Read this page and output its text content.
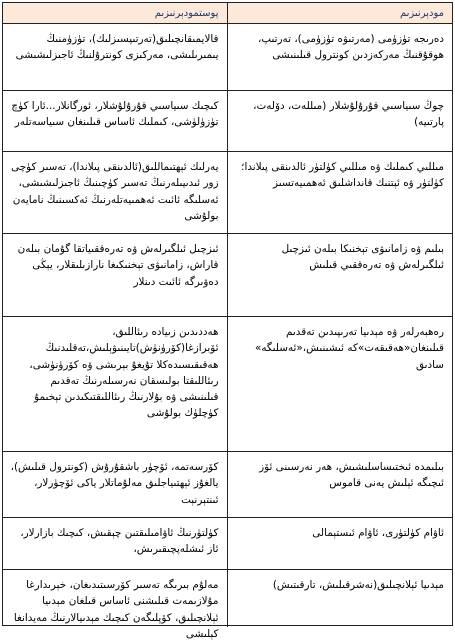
پوستمودېرنىزىم	مودېرنىزىم
قالايمىقانچىلىق(تەرتىپسىزلىك)، تۈزۈمنىڭ يىمىرىلىشى، مەركىزى كونترۇلنىڭ ئاجىزلىشىشى
دەرىجە تۈزۈمى (مەرتىۋە تۈزۈمى)، تەرتىپ، ھوقۇقنىڭ مەركەزدىن كونترول قىلىنىشى
كىچىك سىياسىي قۇرۇلۇشلار، ئورگانلار...ئارا كۈچ تۈزۈلۈشى، كىملىك ئاساس قىلىنغان سىياسەتلەر
چوڭ سىياسىي قۇرۇلۇشلار (مىللەت، دۆلەت، پارتىيە)
يەرلىك ئېھتىماللىق(ئالدىنقى پىلاندا)، تەسىر كۈچى زور ئىدىيىلەرنىڭ تەسىر كۈچىنىڭ ئاجىزلىشىشى، ئەسلىگە ئائىت ئەھمىيەتلەرنىڭ ئەكسىنىڭ نامايەن بولۇشى
مىللىي كىملىك ۋە مىللىي كۈلتۈر ئالدىنقى پىلاندا؛ كۈلتۈر ۋە ئېتنىك قانداشلىق ئەھمىيەتسىز
ئىزچىل ئىلگىرلەش ۋە تەرەققىياتقا گۇمان بىلەن قاراش، زامانىۋى تېخنىكىغا نارازىلىقلار، يېڭى دەۋىرگە ئائىت دىنلار
بىلىم ۋە زامانىۋى تېخنىكا بىلەن ئىزچىل ئىلگىرلەش ۋە تەرەققىي قىلىش
ھەددىدىن زىيادە رىئاللىق، ئۆبرازغا(كۆرۈنۈش)تايىنىۋېلىش،تەقلىدنىڭ ھەقىقىسىدەكلا تۇيغۇ بېرىشى ۋە كۆرۈنۈشى، رىئاللىقتا بولىسقان نەرسىلەرنىڭ تەقدىم قىلىنىشى ۋە بۇلارنىڭ رىئاللىقتىكىدىن تېخىمۇ كۈچلۈك بولۇشى
رەھبەرلەر ۋە مېدىيا تەرىپىدىن تەقدىم قىلىنغان«ھەقىقەت»كە ئىشىنىش،«ئەسلىگە» سادىق
كۆرسەتمە، ئۆچۈر باشقۇرۇش (كونترول قىلىش)، يالغۇز ئېھتىياجلىق مەلۇماتلار ياكى ئۆچۈرلار، ئىنتېرنېت
بىلىمدە ئىختىساسلىشىش، ھەر نەرسىنى ئۆز ئىچىگە ئېلىش يەنى قاموس
كۈلتۈرنىڭ ئاۋامىلىقتىن چېقىش، كىچىك بازارلار، ئاز ئىشلەپچىقىرىش،
ئاۋام كۈلتۈرى، ئاۋام ئىستېمالى
مەلۇم بىرىگە تەسىر كۆرسىتىدىغان، خېرىدارغا مۇلازىمەت قىلىشنى ئاساس قىلغان مېدىيا ئېلانچىلىق، كۆپلىگەن كىچىك مېدىيالارنىڭ مەيدانغا كېلىشى
مېدىيا ئېلانچىلىق(نەشرقىلىش، تارقىتىش)
